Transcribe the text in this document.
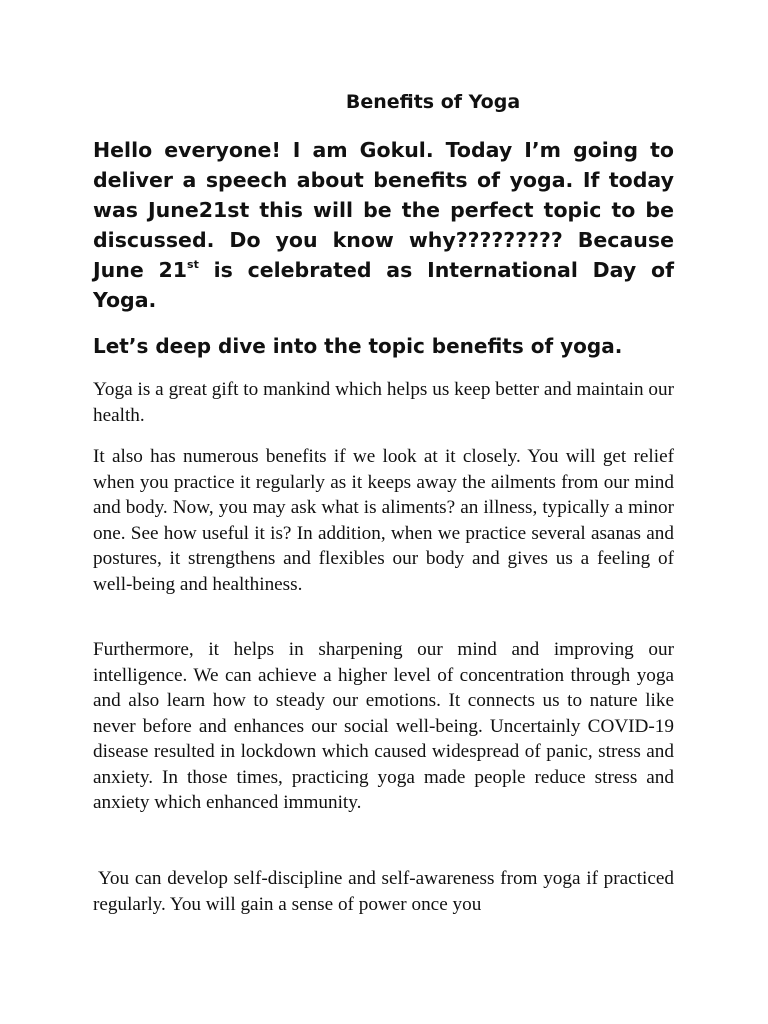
Benefits of Yoga

Hello everyone! I am Gokul. Today I’m going to deliver a speech about benefits of yoga. If today was June21st this will be the perfect topic to be discussed. Do you know why????????? Because June 21st is celebrated as International Day of Yoga.

Let’s deep dive into the topic benefits of yoga.

Yoga is a great gift to mankind which helps us keep better and maintain our health.

It also has numerous benefits if we look at it closely. You will get relief when you practice it regularly as it keeps away the ailments from our mind and body. Now, you may ask what is aliments? an illness, typically a minor one. See how useful it is? In addition, when we practice several asanas and postures, it strengthens and flexibles our body and gives us a feeling of well-being and healthiness.

Furthermore, it helps in sharpening our mind and improving our intelligence. We can achieve a higher level of concentration through yoga and also learn how to steady our emotions. It connects us to nature like never before and enhances our social well-being. Uncertainly COVID-19 disease resulted in lockdown which caused widespread of panic, stress and anxiety. In those times, practicing yoga made people reduce stress and anxiety which enhanced immunity.

You can develop self-discipline and self-awareness from yoga if practiced regularly. You will gain a sense of power once you
